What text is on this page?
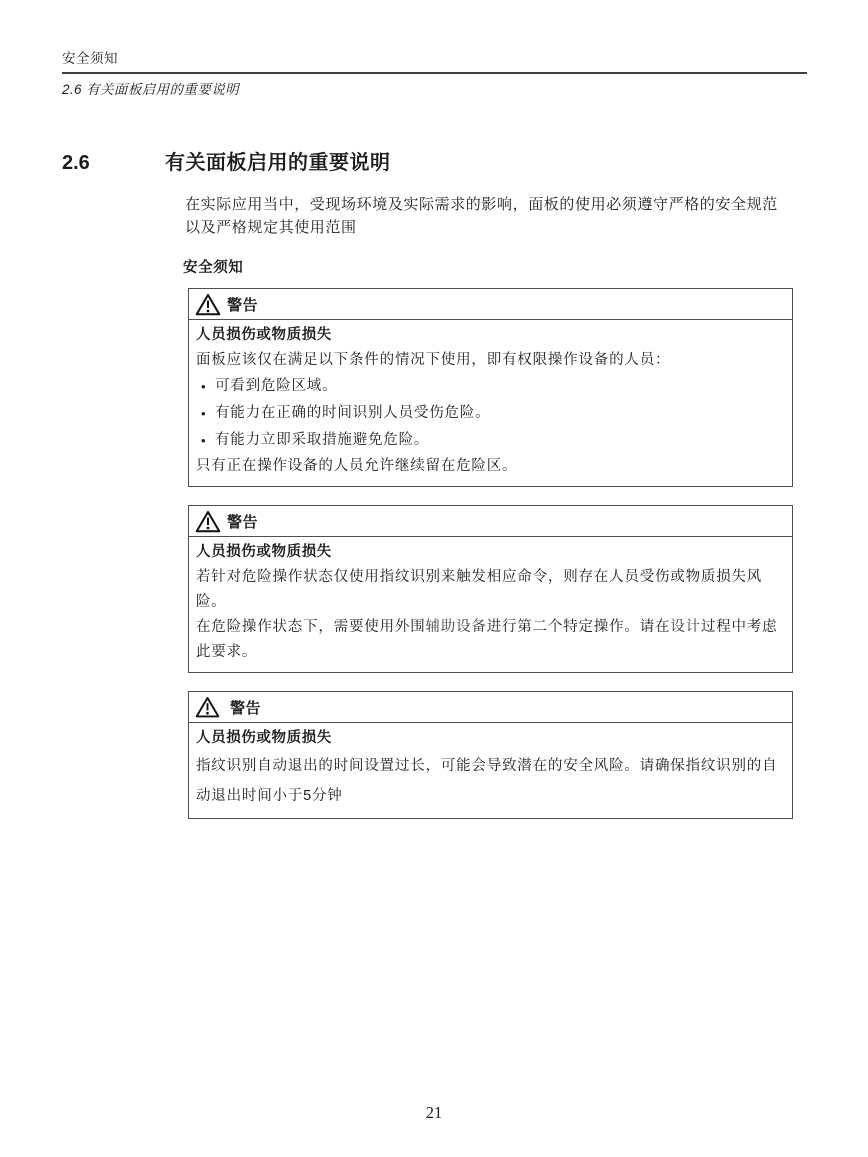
安全须知
2.6 有关面板启用的重要说明
2.6	有关面板启用的重要说明

在实际应用当中，受现场环境及实际需求的影响，面板的使用必须遵守严格的安全规范
以及严格规定其使用范围

安全须知
警告

人员损伤或物质损失

面板应该仅在满足以下条件的情况下使用，即有权限操作设备的人员：

• 可看到危险区域。
• 有能力在正确的时间识别人员受伤危险。
• 有能力立即采取措施避免危险。

只有正在操作设备的人员允许继续留在危险区。

警告

人员损伤或物质损失

若针对危险操作状态仅使用指纹识别来触发相应命令，则存在人员受伤或物质损失风险。

在危险操作状态下，需要使用外围辅助设备进行第二个特定操作。请在设计过程中考虑此要求。

警告

人员损伤或物质损失

指纹识别自动退出的时间设置过长，可能会导致潜在的安全风险。请确保指纹识别的自动退出时间小于5分钟

21
